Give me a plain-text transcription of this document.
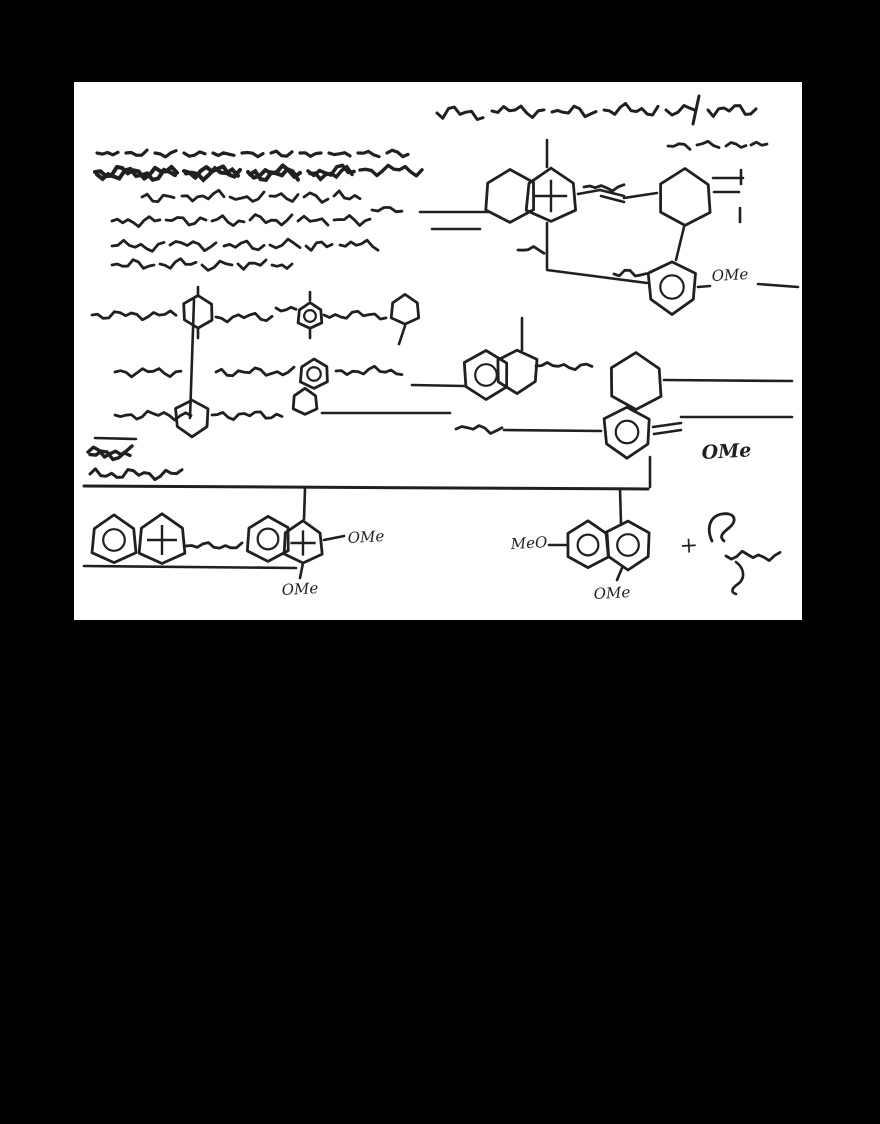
OMe
OMe
OMe
OMe
MeO
OMe
+
